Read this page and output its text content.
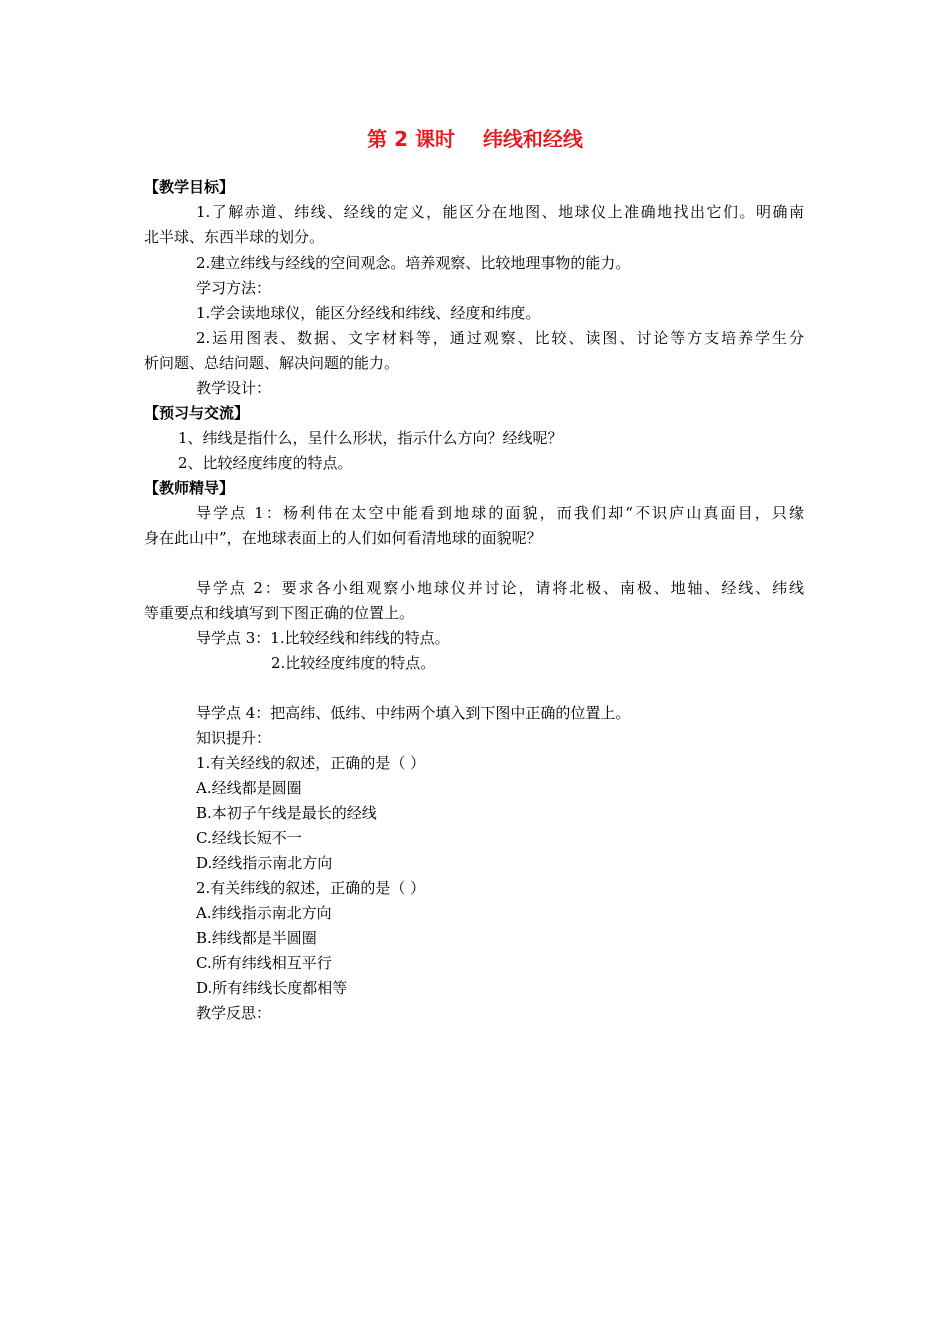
第 2 课时    纬线和经线
【教学目标】
1.了解赤道、纬线、经线的定义，能区分在地图、地球仪上准确地找出它们。明确南
北半球、东西半球的划分。
2.建立纬线与经线的空间观念。培养观察、比较地理事物的能力。
学习方法：
1.学会读地球仪，能区分经线和纬线、经度和纬度。
2.运用图表、数据、文字材料等，通过观察、比较、读图、讨论等方支培养学生分
析问题、总结问题、解决问题的能力。
教学设计：
【预习与交流】
1、纬线是指什么，呈什么形状，指示什么方向？经线呢？
2、比较经度纬度的特点。
【教师精导】
导学点 1：杨利伟在太空中能看到地球的面貌，而我们却“不识庐山真面目，只缘
身在此山中”，在地球表面上的人们如何看清地球的面貌呢？
导学点 2：要求各小组观察小地球仪并讨论，请将北极、南极、地轴、经线、纬线
等重要点和线填写到下图正确的位置上。
导学点 3：1.比较经线和纬线的特点。
2.比较经度纬度的特点。
导学点 4：把高纬、低纬、中纬两个填入到下图中正确的位置上。
知识提升：
1.有关经线的叙述，正确的是（ ）
A.经线都是圆圈
B.本初子午线是最长的经线
C.经线长短不一
D.经线指示南北方向
2.有关纬线的叙述，正确的是（ ）
A.纬线指示南北方向
B.纬线都是半圆圈
C.所有纬线相互平行
D.所有纬线长度都相等
教学反思：
